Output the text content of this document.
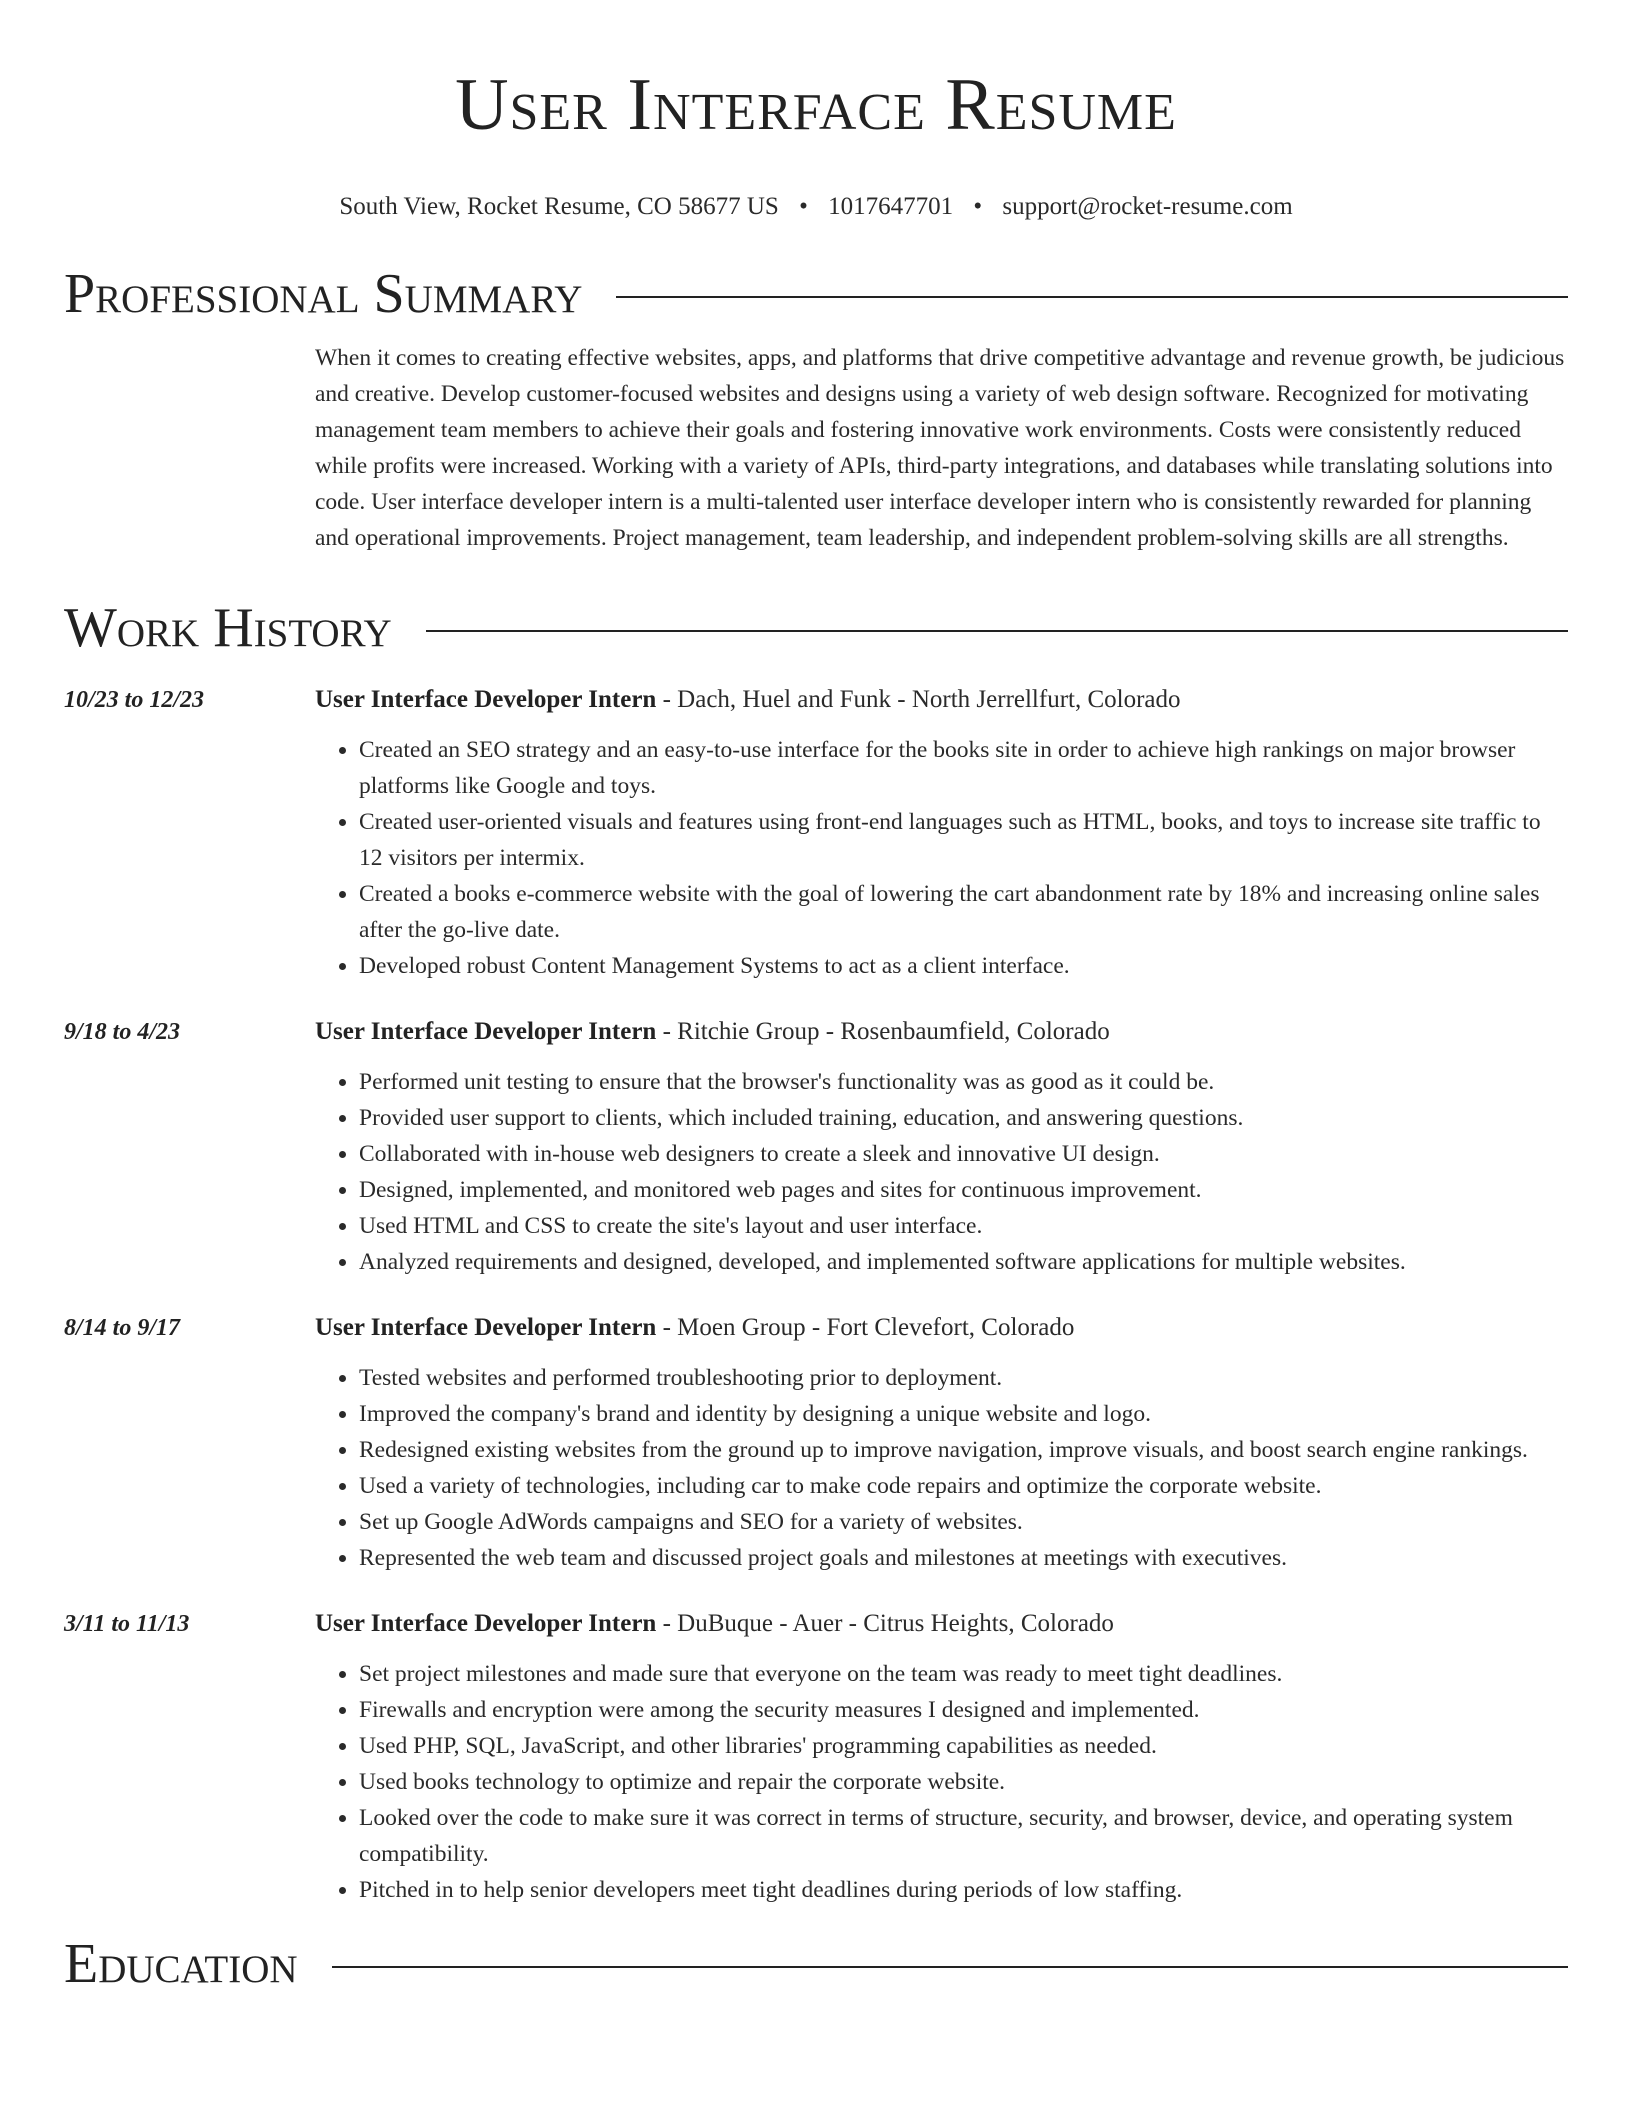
User Interface Resume
South View, Rocket Resume, CO 58677 US • 1017647701 • support@rocket-resume.com
Professional Summary
When it comes to creating effective websites, apps, and platforms that drive competitive advantage and revenue growth, be judicious and creative. Develop customer-focused websites and designs using a variety of web design software. Recognized for motivating management team members to achieve their goals and fostering innovative work environments. Costs were consistently reduced while profits were increased. Working with a variety of APIs, third-party integrations, and databases while translating solutions into code. User interface developer intern is a multi-talented user interface developer intern who is consistently rewarded for planning and operational improvements. Project management, team leadership, and independent problem-solving skills are all strengths.
Work History
10/23 to 12/23	User Interface Developer Intern - Dach, Huel and Funk - North Jerrellfurt, Colorado
• Created an SEO strategy and an easy-to-use interface for the books site in order to achieve high rankings on major browser platforms like Google and toys.
• Created user-oriented visuals and features using front-end languages such as HTML, books, and toys to increase site traffic to 12 visitors per intermix.
• Created a books e-commerce website with the goal of lowering the cart abandonment rate by 18% and increasing online sales after the go-live date.
• Developed robust Content Management Systems to act as a client interface.
9/18 to 4/23	User Interface Developer Intern - Ritchie Group - Rosenbaumfield, Colorado
• Performed unit testing to ensure that the browser's functionality was as good as it could be.
• Provided user support to clients, which included training, education, and answering questions.
• Collaborated with in-house web designers to create a sleek and innovative UI design.
• Designed, implemented, and monitored web pages and sites for continuous improvement.
• Used HTML and CSS to create the site's layout and user interface.
• Analyzed requirements and designed, developed, and implemented software applications for multiple websites.
8/14 to 9/17	User Interface Developer Intern - Moen Group - Fort Clevefort, Colorado
• Tested websites and performed troubleshooting prior to deployment.
• Improved the company's brand and identity by designing a unique website and logo.
• Redesigned existing websites from the ground up to improve navigation, improve visuals, and boost search engine rankings.
• Used a variety of technologies, including car to make code repairs and optimize the corporate website.
• Set up Google AdWords campaigns and SEO for a variety of websites.
• Represented the web team and discussed project goals and milestones at meetings with executives.
3/11 to 11/13	User Interface Developer Intern - DuBuque - Auer - Citrus Heights, Colorado
• Set project milestones and made sure that everyone on the team was ready to meet tight deadlines.
• Firewalls and encryption were among the security measures I designed and implemented.
• Used PHP, SQL, JavaScript, and other libraries' programming capabilities as needed.
• Used books technology to optimize and repair the corporate website.
• Looked over the code to make sure it was correct in terms of structure, security, and browser, device, and operating system compatibility.
• Pitched in to help senior developers meet tight deadlines during periods of low staffing.
Education
